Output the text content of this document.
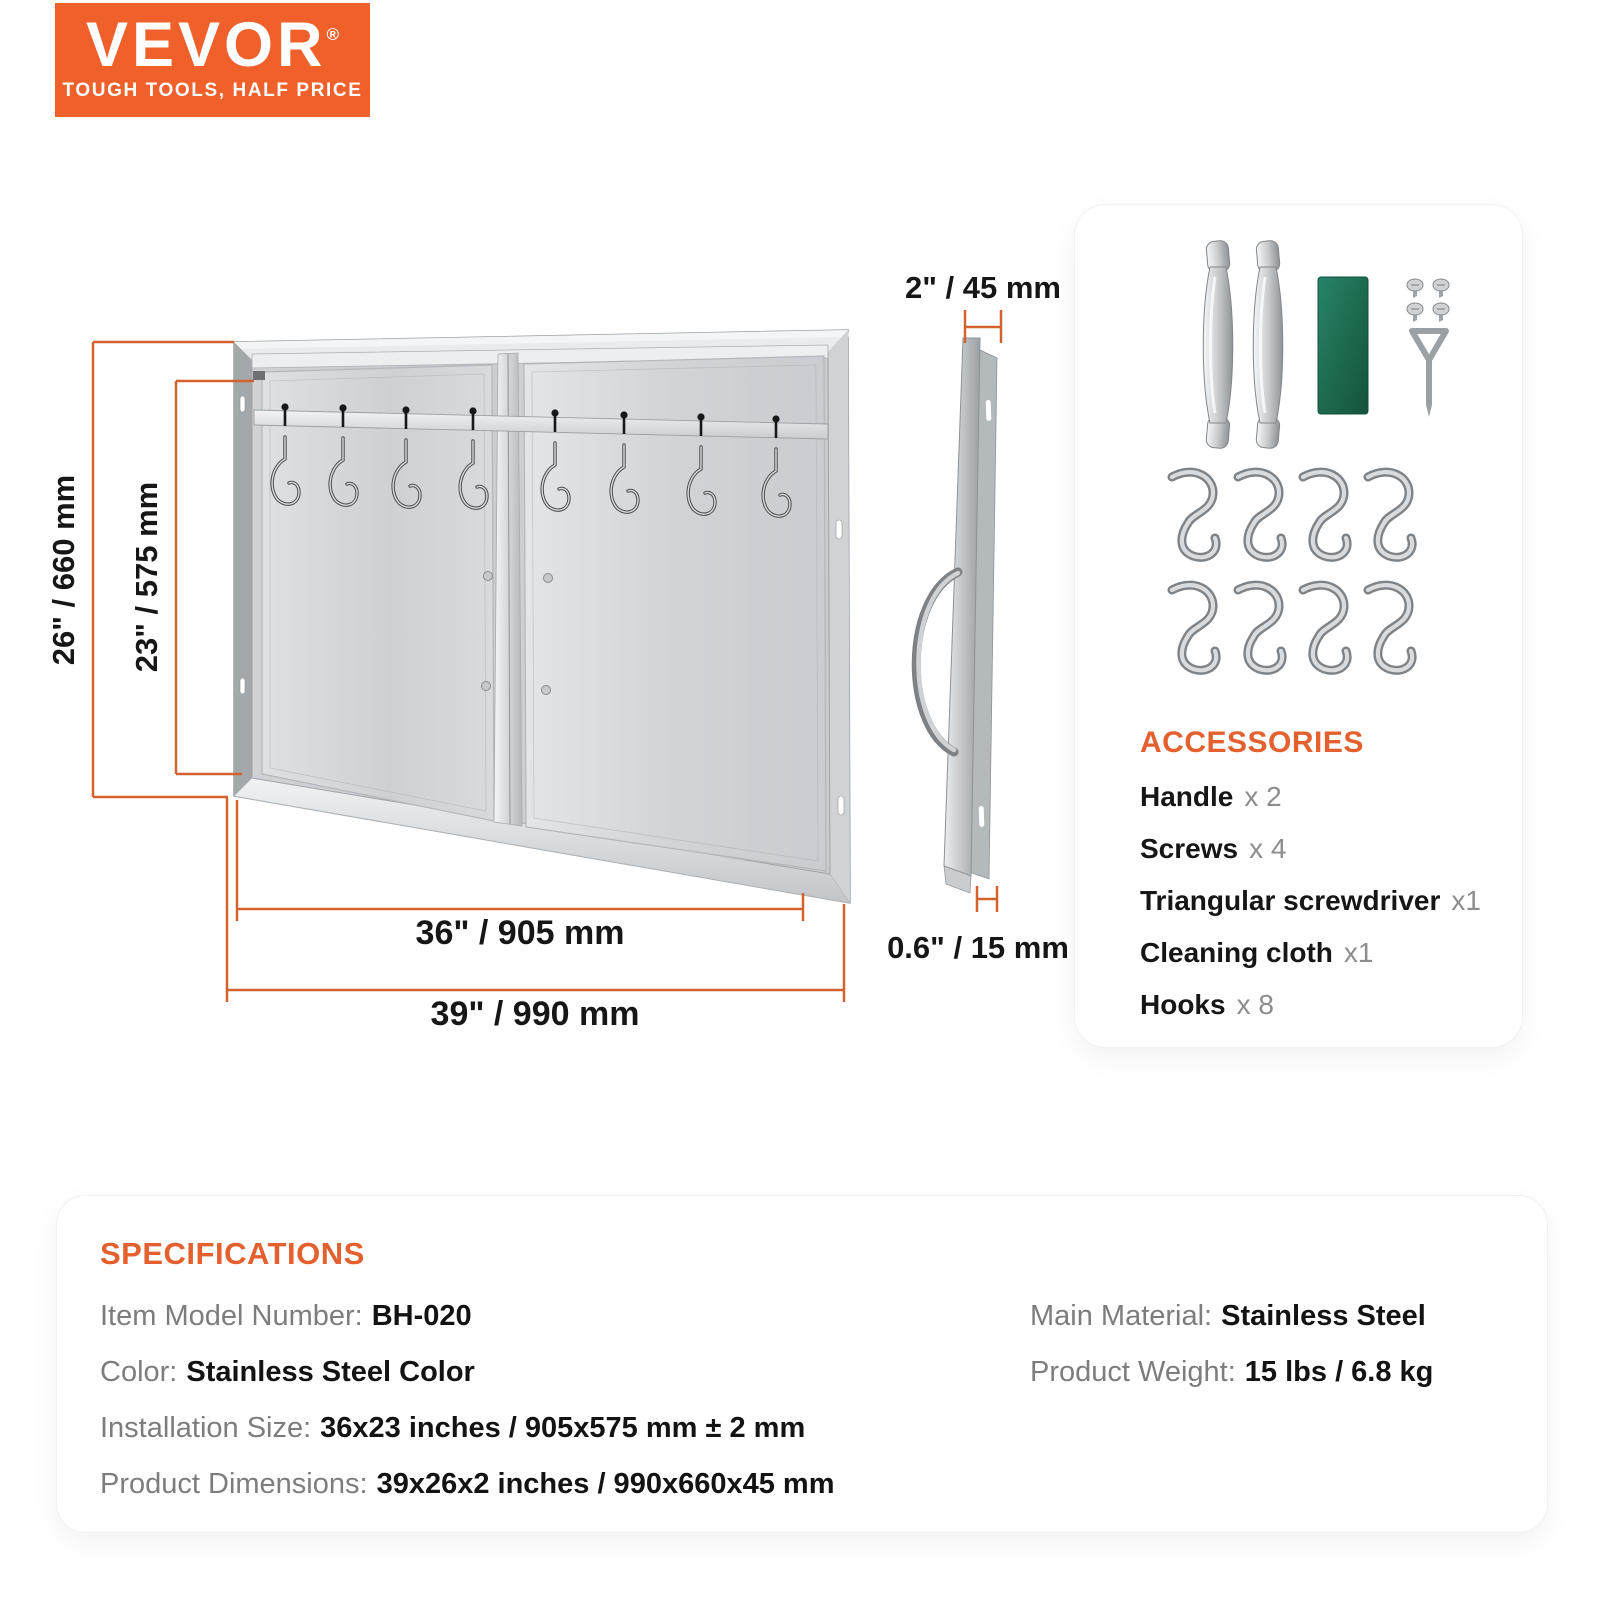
VEVOR®
TOUGH TOOLS, HALF PRICE
36" / 905 mm
39" / 990 mm
2" / 45 mm
0.6" / 15 mm
26" / 660 mm 23" / 575 mm
ACCESSORIES
Handle x 2
Screws x 4
Triangular screwdriver x1
Cleaning cloth x1
Hooks x 8
SPECIFICATIONS
Item Model Number: BH-020
Color: Stainless Steel Color
Installation Size: 36x23 inches / 905x575 mm ± 2 mm
Product Dimensions: 39x26x2 inches / 990x660x45 mm
Main Material: Stainless Steel
Product Weight: 15 lbs / 6.8 kg
